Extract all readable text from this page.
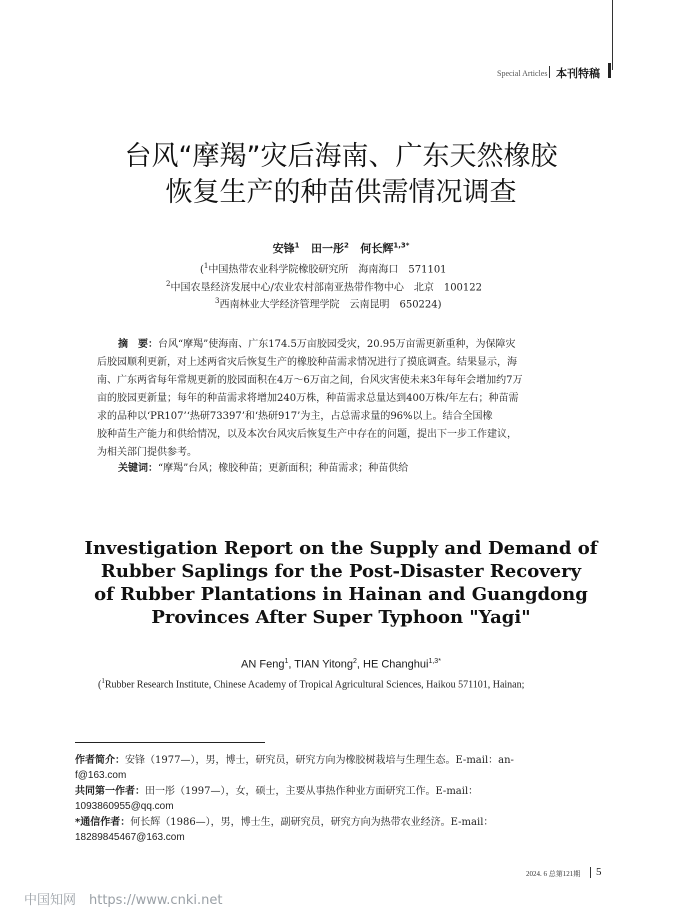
Special Articles 本刊特稿
台风“摩羯”灾后海南、广东天然橡胶
恢复生产的种苗供需情况调查
安锋$^1$ 田一彤$^2$ 何长辉$^{1,3*}$
($^1$中国热带农业科学院橡胶研究所　海南海口　571101
$^2$中国农垦经济发展中心/农业农村部南亚热带作物中心　北京　100122
$^3$西南林业大学经济管理学院　云南昆明　650224)
摘　要：台风“摩羯”使海南、广东174.5万亩胶园受灾，20.95万亩需更新重种，为保障灾
后胶园顺利更新，对上述两省灾后恢复生产的橡胶种苗需求情况进行了摸底调查。结果显示，海
南、广东两省每年常规更新的胶园面积在4万～6万亩之间，台风灾害使未来3年每年会增加约7万
亩的胶园更新量；每年的种苗需求将增加240万株，种苗需求总量达到400万株/年左右；种苗需
求的品种以‘PR107’‘热研73397’和‘热研917’为主，占总需求量的96%以上。结合全国橡
胶种苗生产能力和供给情况，以及本次台风灾后恢复生产中存在的问题，提出下一步工作建议，
为相关部门提供参考。
关键词：“摩羯”台风；橡胶种苗；更新面积；种苗需求；种苗供给
Investigation Report on the Supply and Demand of
Rubber Saplings for the Post-Disaster Recovery
of Rubber Plantations in Hainan and Guangdong
Provinces After Super Typhoon "Yagi"
AN Feng$^1$, TIAN Yitong$^2$, HE Changhui$^{1,3*}$
($^1$Rubber Research Institute, Chinese Academy of Tropical Agricultural Sciences, Haikou 571101, Hainan;
作者简介：安锋（1977—），男，博士，研究员，研究方向为橡胶树栽培与生理生态。E-mail：an-
f@163.com
共同第一作者：田一彤（1997—），女，硕士，主要从事热作种业方面研究工作。E-mail：
1093860955@qq.com
*通信作者：何长辉（1986—），男，博士生，副研究员，研究方向为热带农业经济。E-mail：
18289845467@163.com
2024. 6 总第121期 5
中国知网　https://www.cnki.net
